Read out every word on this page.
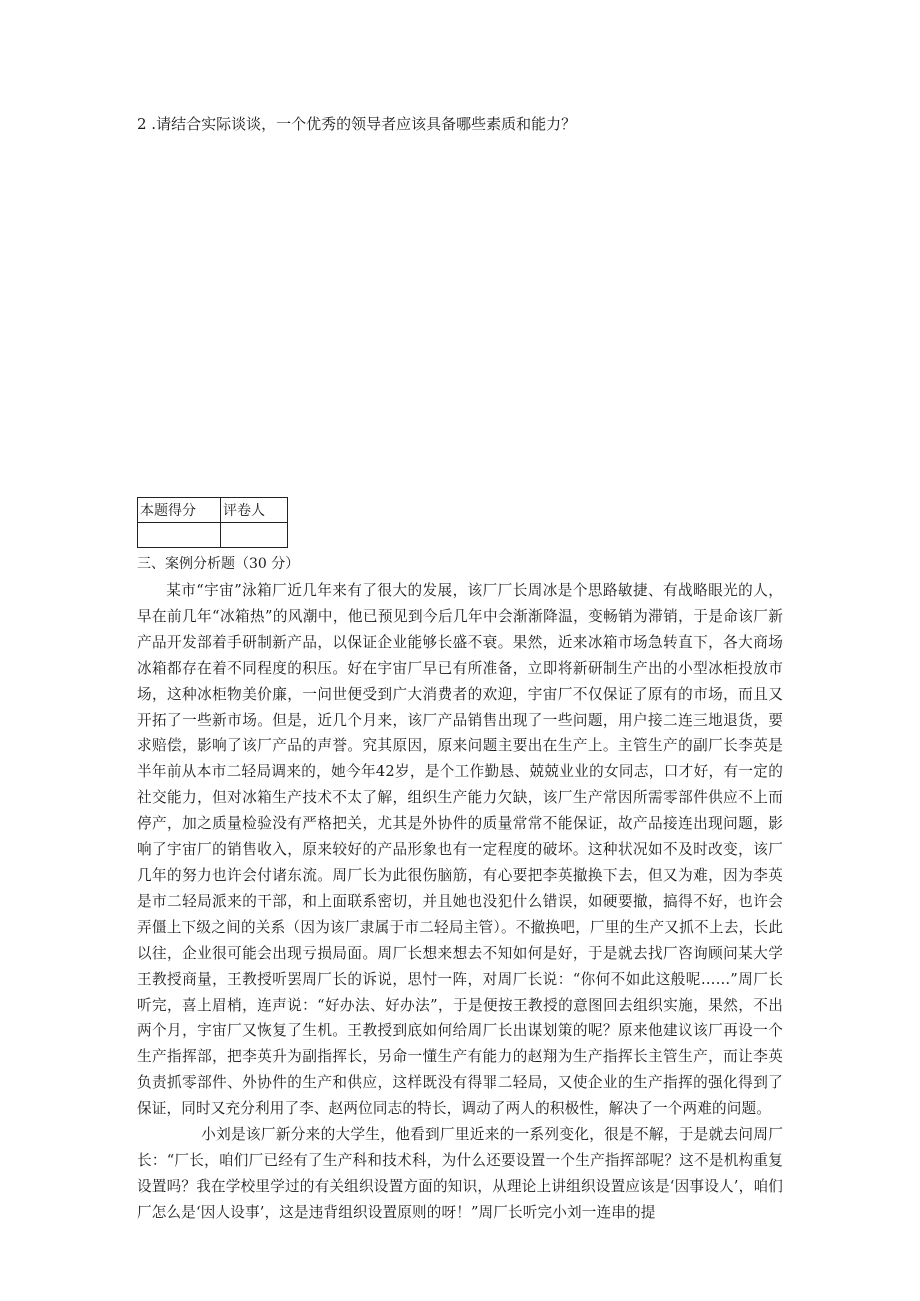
2 .请结合实际谈谈，一个优秀的领导者应该具备哪些素质和能力？
本题得分	评卷人

三、案例分析题（30 分）

某市“宇宙”泳箱厂近几年来有了很大的发展，该厂厂长周冰是个思路敏捷、有战略眼光的人，早在前几年“冰箱热”的风潮中，他已预见到今后几年中会渐渐降温，变畅销为滞销，于是命该厂新产品开发部着手研制新产品，以保证企业能够长盛不衰。果然，近来冰箱市场急转直下，各大商场冰箱都存在着不同程度的积压。好在宇宙厂早已有所准备，立即将新研制生产出的小型冰柜投放市场，这种冰柜物美价廉，一问世便受到广大消费者的欢迎，宇宙厂不仅保证了原有的市场，而且又开拓了一些新市场。但是，近几个月来，该厂产品销售出现了一些问题，用户接二连三地退货，要求赔偿，影响了该厂产品的声誉。究其原因，原来问题主要出在生产上。主管生产的副厂长李英是半年前从本市二轻局调来的，她今年42岁，是个工作勤恳、兢兢业业的女同志，口才好，有一定的社交能力，但对冰箱生产技术不太了解，组织生产能力欠缺，该厂生产常因所需零部件供应不上而停产，加之质量检验没有严格把关，尤其是外协件的质量常常不能保证，故产品接连出现问题，影响了宇宙厂的销售收入，原来较好的产品形象也有一定程度的破坏。这种状况如不及时改变，该厂几年的努力也许会付诸东流。周厂长为此很伤脑筋，有心要把李英撤换下去，但又为难，因为李英是市二轻局派来的干部，和上面联系密切，并且她也没犯什么错误，如硬要撤，搞得不好，也许会弄僵上下级之间的关系（因为该厂隶属于市二轻局主管）。不撤换吧，厂里的生产又抓不上去，长此以往，企业很可能会出现亏损局面。周厂长想来想去不知如何是好，于是就去找厂咨询顾问某大学王教授商量，王教授听罢周厂长的诉说，思忖一阵，对周厂长说：“你何不如此这般呢……”周厂长听完，喜上眉梢，连声说：“好办法、好办法”，于是便按王教授的意图回去组织实施，果然，不出两个月，宇宙厂又恢复了生机。王教授到底如何给周厂长出谋划策的呢？原来他建议该厂再设一个生产指挥部，把李英升为副指挥长，另命一懂生产有能力的赵翔为生产指挥长主管生产，而让李英负责抓零部件、外协件的生产和供应，这样既没有得罪二轻局，又使企业的生产指挥的强化得到了保证，同时又充分利用了李、赵两位同志的特长，调动了两人的积极性，解决了一个两难的问题。

小刘是该厂新分来的大学生，他看到厂里近来的一系列变化，很是不解，于是就去问周厂长：“厂长，咱们厂已经有了生产科和技术科，为什么还要设置一个生产指挥部呢？这不是机构重复设置吗？我在学校里学过的有关组织设置方面的知识，从理论上讲组织设置应该是‘因事设人’，咱们厂怎么是‘因人设事’，这是违背组织设置原则的呀！”周厂长听完小刘一连串的提
